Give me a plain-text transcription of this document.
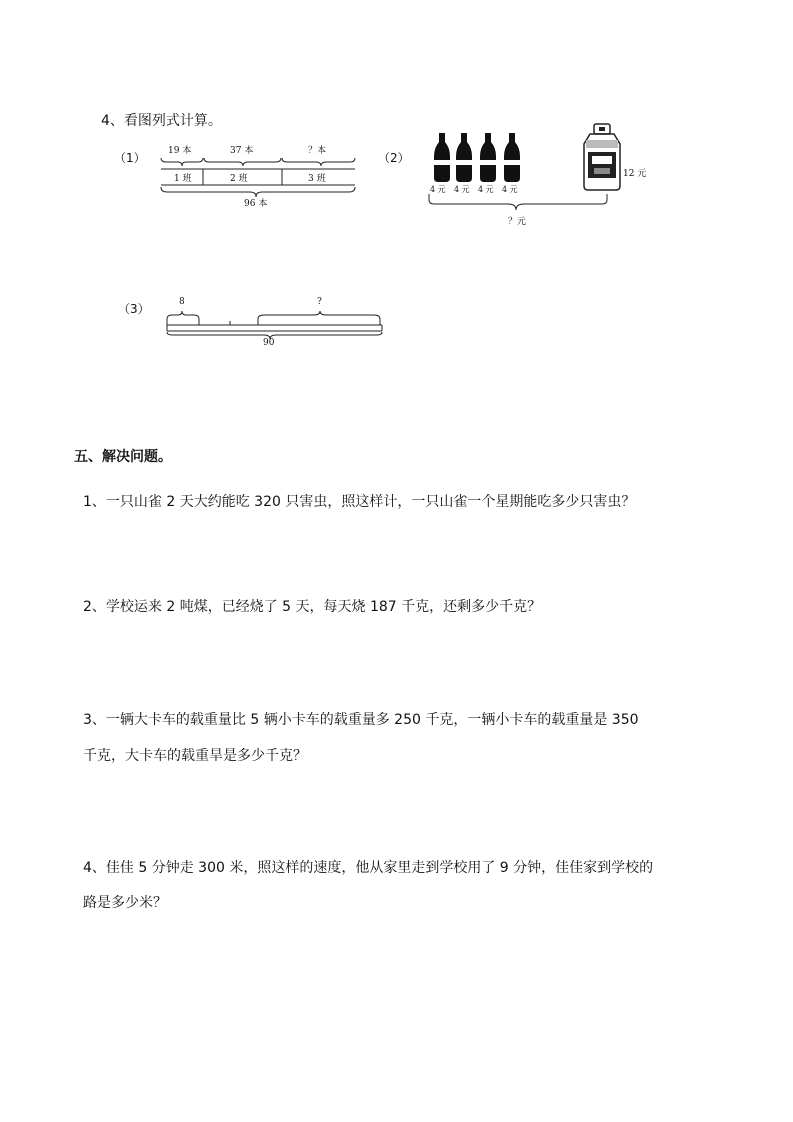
4、看图列式计算。
（1） 19 本	37 本	？本
1 班	2 班	3 班
96 本
（2）
4 元 4 元 4 元 4 元
12 元
？元
（3）	8	?
90
五、解决问题。
1、一只山雀 2 天大约能吃 320 只害虫，照这样计，一只山雀一个星期能吃多少只害虫？
2、学校运来 2 吨煤，已经烧了 5 天，每天烧 187 千克，还剩多少千克？
3、一辆大卡车的载重量比 5 辆小卡车的载重量多 250 千克，一辆小卡车的载重量是 350
千克，大卡车的载重旱是多少千克？
4、佳佳 5 分钟走 300 米，照这样的速度，他从家里走到学校用了 9 分钟，佳佳家到学校的
路是多少米？
